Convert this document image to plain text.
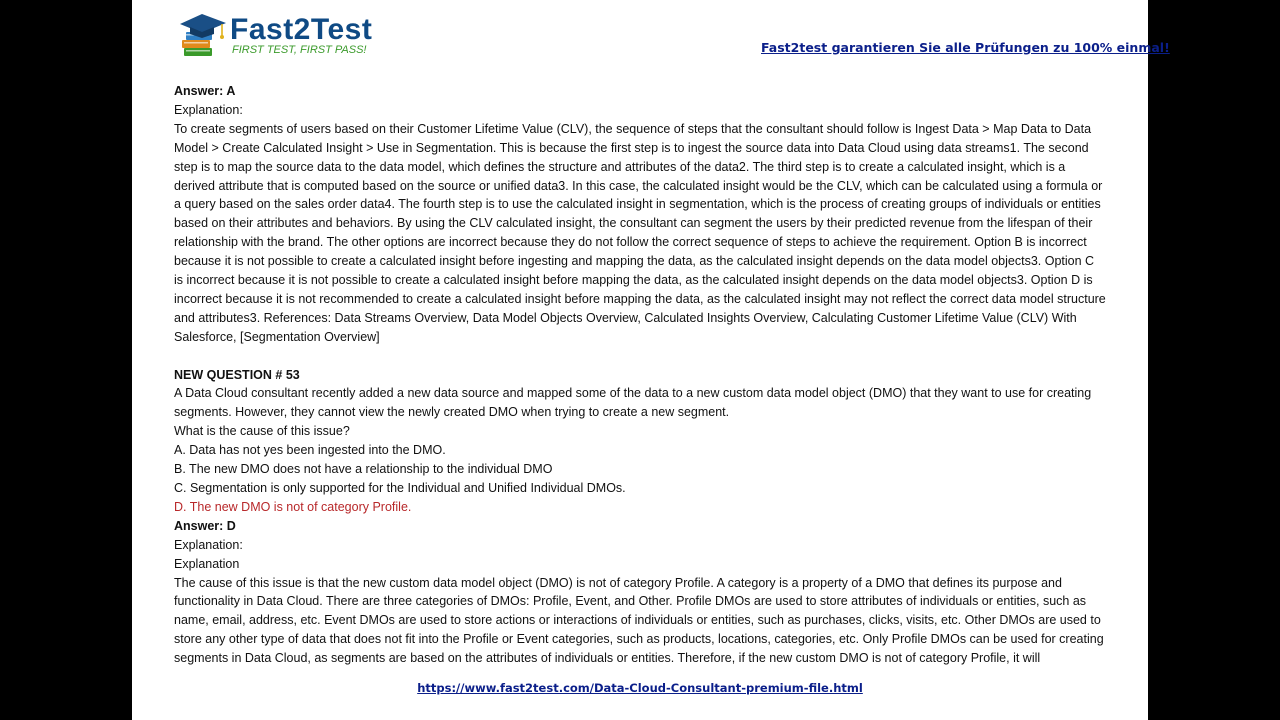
Fast2Test
FIRST TEST, FIRST PASS!	Fast2test garantieren Sie alle Prüfungen zu 100% einmal!

Answer: A

Explanation:

To create segments of users based on their Customer Lifetime Value (CLV), the sequence of steps that the consultant should follow is Ingest Data > Map Data to Data Model > Create Calculated Insight > Use in Segmentation. This is because the first step is to ingest the source data into Data Cloud using data streams1. The second step is to map the source data to the data model, which defines the structure and attributes of the data2. The third step is to create a calculated insight, which is a derived attribute that is computed based on the source or unified data3. In this case, the calculated insight would be the CLV, which can be calculated using a formula or a query based on the sales order data4. The fourth step is to use the calculated insight in segmentation, which is the process of creating groups of individuals or entities based on their attributes and behaviors. By using the CLV calculated insight, the consultant can segment the users by their predicted revenue from the lifespan of their relationship with the brand. The other options are incorrect because they do not follow the correct sequence of steps to achieve the requirement. Option B is incorrect because it is not possible to create a calculated insight before ingesting and mapping the data, as the calculated insight depends on the data model objects3. Option C is incorrect because it is not possible to create a calculated insight before mapping the data, as the calculated insight depends on the data model objects3. Option D is incorrect because it is not recommended to create a calculated insight before mapping the data, as the calculated insight may not reflect the correct data model structure and attributes3. References: Data Streams Overview, Data Model Objects Overview, Calculated Insights Overview, Calculating Customer Lifetime Value (CLV) With Salesforce, [Segmentation Overview]

NEW QUESTION # 53

A Data Cloud consultant recently added a new data source and mapped some of the data to a new custom data model object (DMO) that they want to use for creating segments. However, they cannot view the newly created DMO when trying to create a new segment.

What is the cause of this issue?

A. Data has not yes been ingested into the DMO.

B. The new DMO does not have a relationship to the individual DMO

C. Segmentation is only supported for the Individual and Unified Individual DMOs.

D. The new DMO is not of category Profile.

Answer: D

Explanation:

Explanation

The cause of this issue is that the new custom data model object (DMO) is not of category Profile. A category is a property of a DMO that defines its purpose and functionality in Data Cloud. There are three categories of DMOs: Profile, Event, and Other. Profile DMOs are used to store attributes of individuals or entities, such as name, email, address, etc. Event DMOs are used to store actions or interactions of individuals or entities, such as purchases, clicks, visits, etc. Other DMOs are used to store any other type of data that does not fit into the Profile or Event categories, such as products, locations, categories, etc. Only Profile DMOs can be used for creating segments in Data Cloud, as segments are based on the attributes of individuals or entities. Therefore, if the new custom DMO is not of category Profile, it will

https://www.fast2test.com/Data-Cloud-Consultant-premium-file.html
